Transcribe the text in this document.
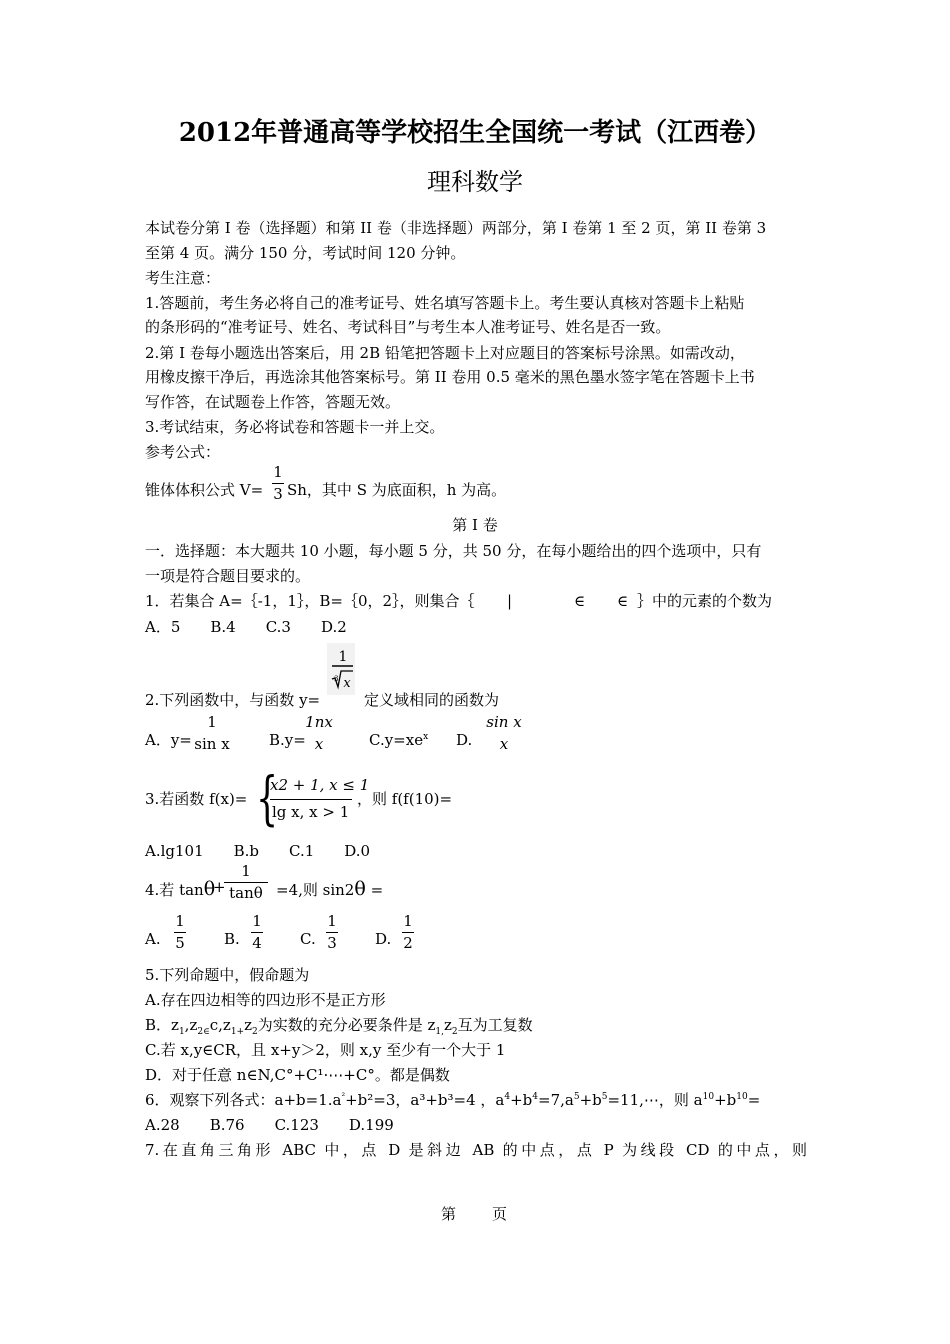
2012年普通高等学校招生全国统一考试（江西卷）
理科数学
本试卷分第 I 卷（选择题）和第 II 卷（非选择题）两部分，第 I 卷第 1 至 2 页，第 II 卷第 3
至第 4 页。满分 150 分，考试时间 120 分钟。
考生注意：
1.答题前，考生务必将自己的准考证号、姓名填写答题卡上。考生要认真核对答题卡上粘贴
的条形码的“准考证号、姓名、考试科目”与考生本人准考证号、姓名是否一致。
2.第 I 卷每小题选出答案后，用 2B 铅笔把答题卡上对应题目的答案标号涂黑。如需改动，
用橡皮擦干净后，再选涂其他答案标号。第 II 卷用 0.5 毫米的黑色墨水签字笔在答题卡上书
写作答，在试题卷上作答，答题无效。
3.考试结束，务必将试卷和答题卡一并上交。
参考公式：
锥体体积公式 V=
1
3 Sh，其中 S 为底面积，h 为高。
第 I 卷
一．选择题：本大题共 10 小题，每小题 5 分，共 50 分，在每小题给出的四个选项中，只有
一项是符合题目要求的。
1．若集合 A=｛-1，1｝，B=｛0，2｝，则集合｛ |	∈ ∈ ｝中的元素的个数为
A．5　　B.4　　C.3　　D.2
1
3 x
2.下列函数中，与函数 y=	定义域相同的函数为
A．y=
1
sin x	B.y=
1nx
x	$C.y=xe^x$ D.
sin x
x
3.若函数 f(x)= {
x2 + 1, x ≤ 1
lg x, x > 1
，则 f(f(10)=
A.lg101　　B.b　　C.1　　D.0
4.若 tanθ
+
1
tanθ =4,则 sin2θ =
A.
1
5	B.
1
4	C.
1
3	D.
1
2
5.下列命题中，假命题为
A.存在四边相等的四边形不是正方形
B．$z_1,z_{2\in}c,z_{1+}z_2$为实数的充分必要条件是 $z_{1,}z_2$互为工复数
C.若 x,y∈CR，且 x+y＞2，则 x,y 至少有一个大于 1
D．对于任意 n∈N,C°+C¹·⋯+C°。都是偶数
6．观察下列各式：$a+b=1.a^{^2}+b^2=3$，a³+b³=4 ，$a^4+b^4=7,a^5+b^5=11,\cdots$，则 $a^{10}+b^{10}=$
A.28　　B.76　　C.123　　D.199
7.在直角三角形 ABC 中，点 D 是斜边 AB 的中点，点 P 为线段 CD 的中点，则
第　　页
